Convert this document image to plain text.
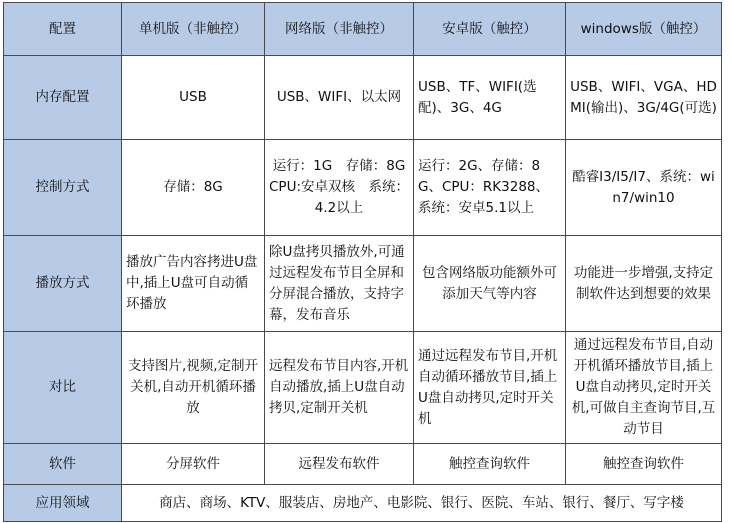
配置	单机版（非触控）	网络版（非触控）	安卓版（触控）	windows版（触控）
内存配置	USB	USB、WIFI、以太网	USB、TF、WIFI(选配)、3G、4G	USB、WIFI、VGA、HDMI(输出)、3G/4G(可选)
控制方式	存储：8G	运行：1G　存储：8G CPU:安卓双核　系统：4.2以上	运行：2G、存储：8G、CPU：RK3288、系统：安卓5.1以上	酷睿I3/I5/I7、系统：win7/win10
播放方式	播放广告内容拷进U盘中,插上U盘可自动循环播放	除U盘拷贝播放外,可通过远程发布节目全屏和分屏混合播放，支持字幕，发布音乐	包含网络版功能额外可添加天气等内容	功能进一步增强,支持定制软件达到想要的效果
对比	支持图片,视频,定制开关机,自动开机循环播放	远程发布节目内容,开机自动播放,插上U盘自动拷贝,定制开关机	通过远程发布节目,开机自动循环播放节目,插上U盘自动拷贝,定时开关机	通过远程发布节目,自动开机循环播放节目,插上U盘自动拷贝,定时开关机,可做自主查询节目,互动节目
软件	分屏软件	远程发布软件	触控查询软件	触控查询软件
应用领域	商店、商场、KTV、服装店、房地产、电影院、银行、医院、车站、银行、餐厅、写字楼			
